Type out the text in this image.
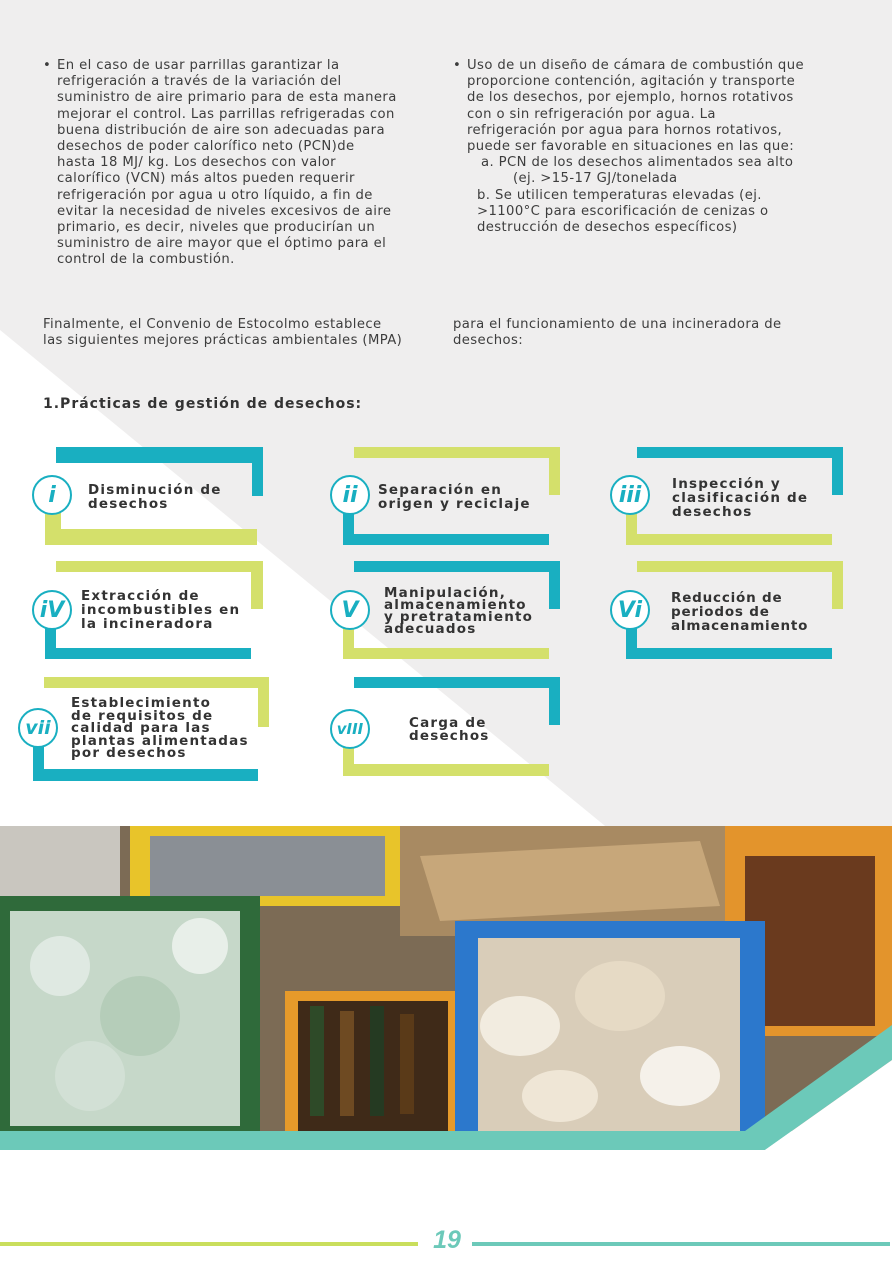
• En el caso de usar parrillas garantizar la
refrigeración a través de la variación del
suministro de aire primario para de esta manera
mejorar el control. Las parrillas refrigeradas con
buena distribución de aire son adecuadas para
desechos de poder calorífico neto (PCN)de
hasta 18 MJ/ kg. Los desechos con valor
calorífico (VCN) más altos pueden requerir
refrigeración por agua u otro líquido, a fin de
evitar la necesidad de niveles excesivos de aire
primario, es decir, niveles que producirían un
suministro de aire mayor que el óptimo para el
control de la combustión.
• Uso de un diseño de cámara de combustión que
proporcione contención, agitación y transporte
de los desechos, por ejemplo, hornos rotativos
con o sin refrigeración por agua. La
refrigeración por agua para hornos rotativos,
puede ser favorable en situaciones en las que:
a. PCN de los desechos alimentados sea alto
(ej. >15-17 GJ/tonelada
b. Se utilicen temperaturas elevadas (ej.
>1100°C para escorificación de cenizas o
destrucción de desechos específicos)
Finalmente, el Convenio de Estocolmo establece
las siguientes mejores prácticas ambientales (MPA)
para el funcionamiento de una incineradora de
desechos:
1.Prácticas de gestión de desechos:
i	Disminución de
desechos	ii	Separación en
origen y reciclaje	iii	Inspección y
clasificación de
desechos
iV
Extracción de
incombustibles en
la incineradora
V
Manipulación,
almacenamiento
y pretratamiento
adecuados
Vi	Reducción de
periodos de
almacenamiento
vii
Establecimiento
de requisitos de
calidad para las
plantas alimentadas
por desechos
vIII	Carga de
desechos
19
